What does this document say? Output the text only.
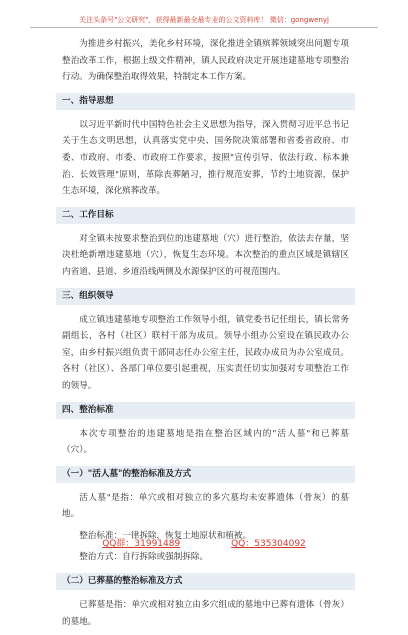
关注头条号"公文研究"，获得最新最全最专业的公文资料库！ 微信：gongwenyj

为推进乡村振兴，美化乡村环境，深化推进全镇殡葬领域突出问题专项整治改革工作，根据上级文件精神，镇人民政府决定开展违建墓地专项整治行动。为确保整治取得效果，特制定本工作方案。

一、指导思想

以习近平新时代中国特色社会主义思想为指导，深入贯彻习近平总书记关于生态文明思想，认真落实党中央、国务院决策部署和省委省政府、市委、市政府、市委、市政府工作要求，按照"宣传引导、依法行政、标本兼治、长效管理"原则，革除丧葬陋习，推行规范安葬，节约土地资源，保护生态环境，深化殡葬改革。

二、工作目标

对全镇未按要求整治到位的违建墓地（穴）进行整治，依法去存量，坚决杜绝新增违建墓地（穴），恢复生态环境。本次整治的重点区域是镇辖区内省道、县道、乡道沿线两侧及水源保护区的可视范围内。

三、组织领导

成立镇违建墓地专项整治工作领导小组，镇党委书记任组长，镇长常务副组长，各村（社区）联村干部为成员。领导小组办公室设在镇民政办公室，由乡村振兴组负责干部同志任办公室主任，民政办成员为办公室成员。各村（社区）、各部门单位要引起重视，压实责任切实加强对专项整治工作的领导。

四、整治标准

本次专项整治的违建墓地是指在整治区域内的"活人墓"和已葬墓（穴）。

（一）"活人墓"的整治标准及方式

活人墓"是指：单穴或相对独立的多穴墓均未安葬遗体（骨灰）的墓地。

整治标准：一律拆除，恢复土地原状和植被。

整治方式：自行拆除或强制拆除。

（二）已葬墓的整治标准及方式

已葬墓是指：单穴或相对独立由多穴组成的墓地中已葬有遗体（骨灰）的墓地。

QQ群：31991489	QQ：535304092
